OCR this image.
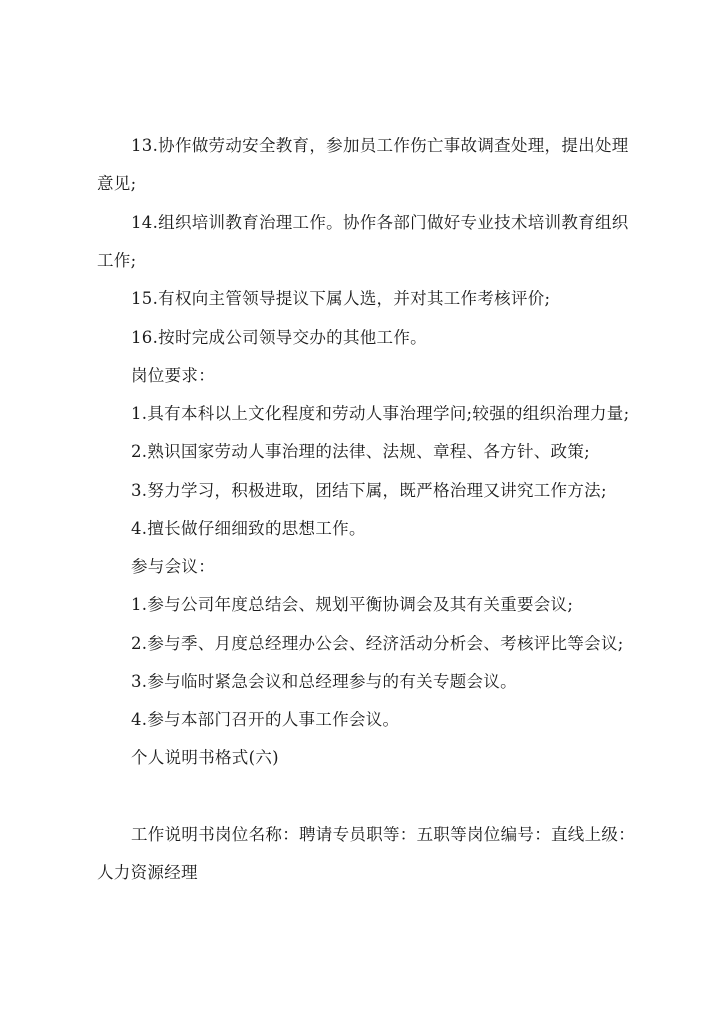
13.协作做劳动安全教育，参加员工作伤亡事故调查处理，提出处理
意见;
14.组织培训教育治理工作。协作各部门做好专业技术培训教育组织
工作;
15.有权向主管领导提议下属人选，并对其工作考核评价;
16.按时完成公司领导交办的其他工作。
岗位要求：
1.具有本科以上文化程度和劳动人事治理学问;较强的组织治理力量;
2.熟识国家劳动人事治理的法律、法规、章程、各方针、政策;
3.努力学习，积极进取，团结下属，既严格治理又讲究工作方法;
4.擅长做仔细细致的思想工作。
参与会议：
1.参与公司年度总结会、规划平衡协调会及其有关重要会议;
2.参与季、月度总经理办公会、经济活动分析会、考核评比等会议;
3.参与临时紧急会议和总经理参与的有关专题会议。
4.参与本部门召开的人事工作会议。
个人说明书格式(六)
工作说明书岗位名称：聘请专员职等：五职等岗位编号：直线上级：
人力资源经理
